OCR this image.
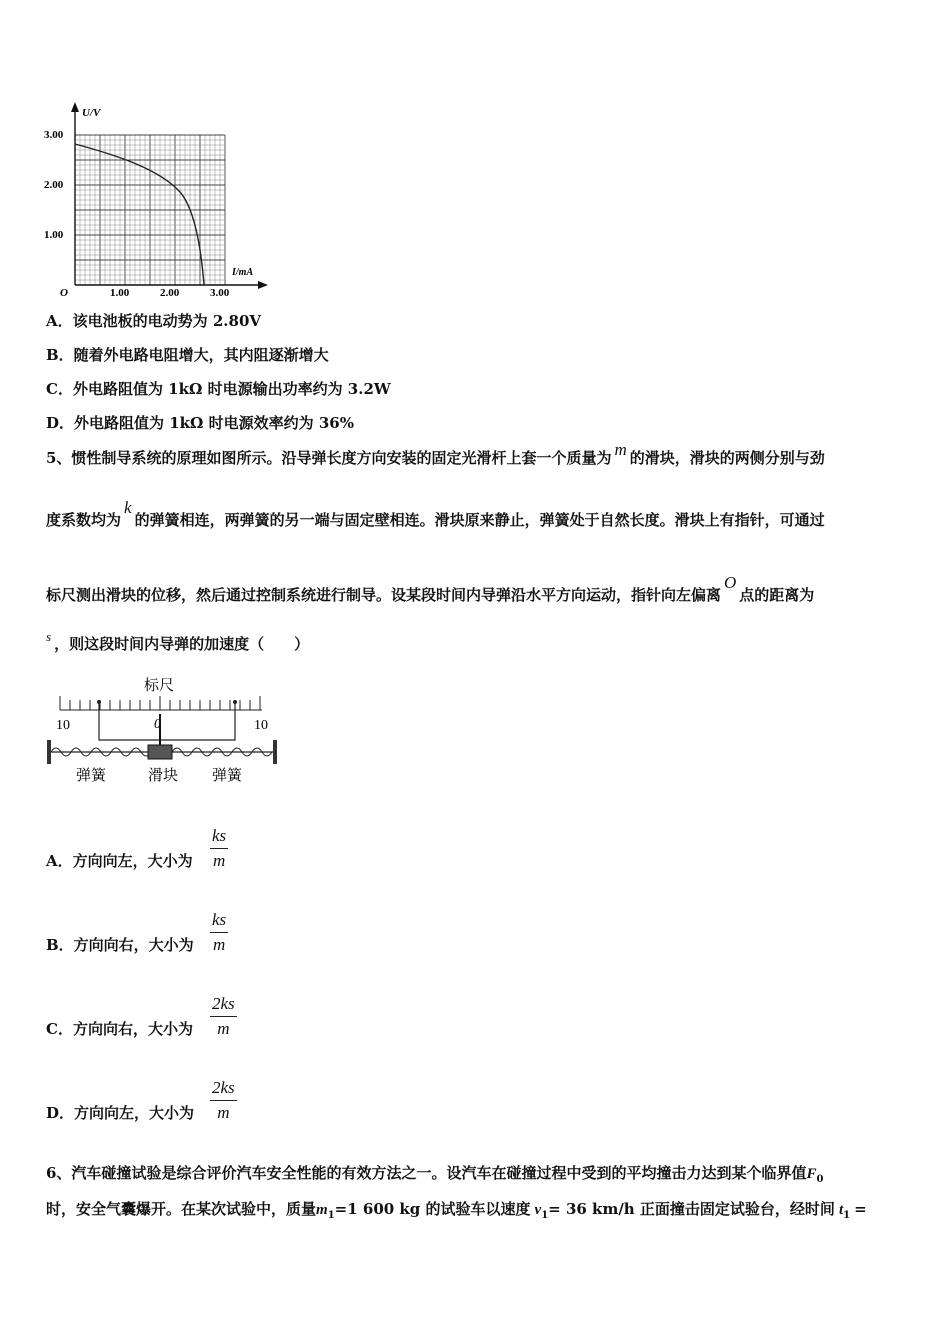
U/V
I/mA
O
3.00
2.00
1.00
1.00	2.00	3.00
A．该电池板的电动势为 2.80V
B．随着外电路电阻增大，其内阻逐渐增大
C．外电路阻值为 1kΩ 时电源输出功率约为 3.2W
D．外电路阻值为 1kΩ 时电源效率约为 36%
5、惯性制导系统的原理如图所示。沿导弹长度方向安装的固定光滑杆上套一个质量为 m 的滑块，滑块的两侧分别与劲
度系数均为k的弹簧相连，两弹簧的另一端与固定壁相连。滑块原来静止，弹簧处于自然长度。滑块上有指针，可通过
标尺测出滑块的位移，然后通过控制系统进行制导。设某段时间内导弹沿水平方向运动，指针向左偏离O点的距离为
s ，则这段时间内导弹的加速度（　　）
标尺
10	0	10
弹簧	滑块 弹簧
A．方向向左，大小为 $\frac{ks}{m}$
B．方向向右，大小为 $\frac{ks}{m}$
C．方向向右，大小为 $\frac{2ks}{m}$
D．方向向左，大小为 $\frac{2ks}{m}$
6、汽车碰撞试验是综合评价汽车安全性能的有效方法之一。设汽车在碰撞过程中受到的平均撞击力达到某个临界值$F_0$
时，安全气囊爆开。在某次试验中，质量$m_1=1$ 600 kg 的试验车以速度 $v_1= 36$ km/h 正面撞击固定试验台，经时间 $t_1$ =
